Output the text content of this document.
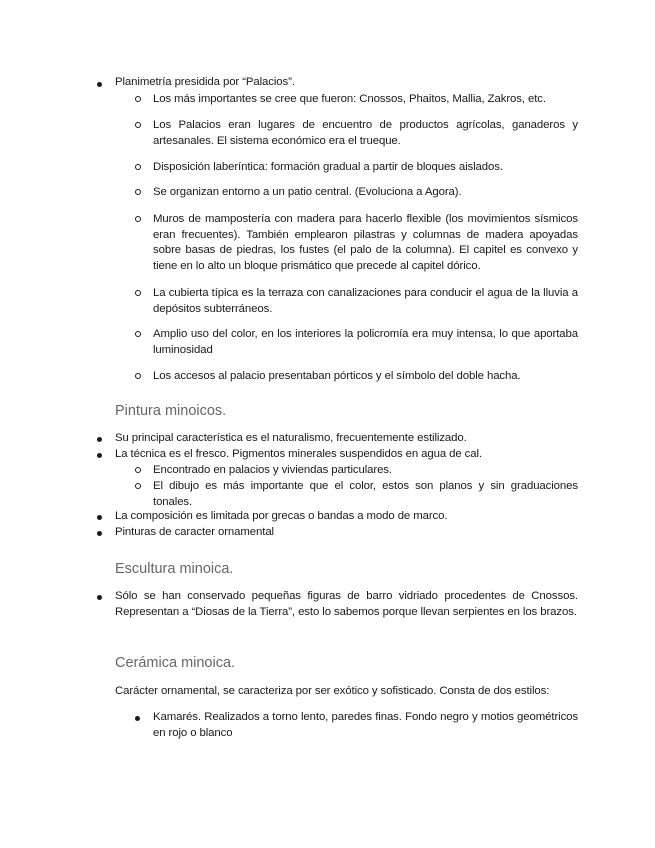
Planimetría presidida por “Palacios”.
Los más importantes se cree que fueron: Cnossos, Phaitos, Mallia, Zakros, etc.
Los Palacios eran lugares de encuentro de productos agrícolas, ganaderos y artesanales. El sistema económico era el trueque.
Disposición laberíntica: formación gradual a partir de bloques aislados.
Se organizan entorno a un patio central. (Evoluciona a Agora).
Muros de mampostería con madera para hacerlo flexible (los movimientos sísmicos eran frecuentes). También emplearon pilastras y columnas de madera apoyadas sobre basas de piedras, los fustes (el palo de la columna). El capitel es convexo y tiene en lo alto un bloque prismático que precede al capitel dórico.
La cubierta típica es la terraza con canalizaciones para conducir el agua de la lluvia a depósitos subterráneos.
Amplio uso del color, en los interiores la policromía era muy intensa, lo que aportaba luminosidad
Los accesos al palacio presentaban pórticos y el símbolo del doble hacha.
Pintura minoicos.
Su principal característica es el naturalismo, frecuentemente estilizado.
La técnica es el fresco. Pigmentos minerales suspendidos en agua de cal.
Encontrado en palacios y viviendas particulares.
El dibujo es más importante que el color, estos son planos y sin graduaciones tonales.
La composición es limitada por grecas o bandas a modo de marco.
Pinturas de caracter ornamental
Escultura minoica.
Sólo se han conservado pequeñas figuras de barro vidriado procedentes de Cnossos. Representan a “Diosas de la Tierra”, esto lo sabemos porque llevan serpientes en los brazos.
Cerámica minoica.
Carácter ornamental, se caracteriza por ser exótico y sofisticado. Consta de dos estilos:
Kamarés. Realizados a torno lento, paredes finas. Fondo negro y motios geométricos en rojo o blanco
